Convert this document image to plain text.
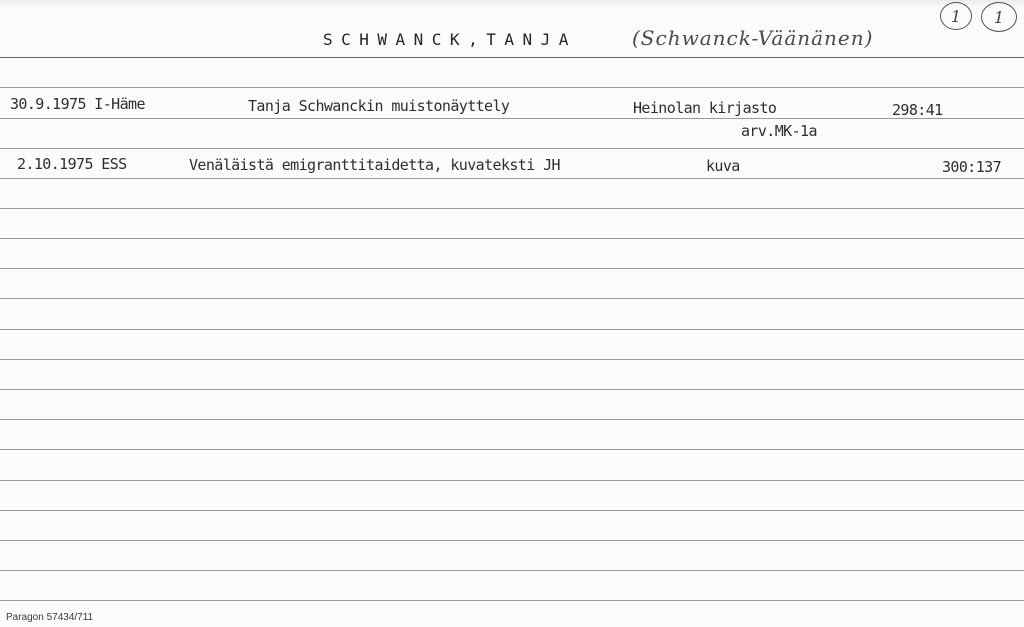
SCHWANCK,TANJA	(Schwanck-Väänänen)
1 1
30.9.1975 I-Häme	Tanja Schwanckin muistonäyttely	Heinolan kirjasto	298:41
arv.MK-1a
2.10.1975 ESS	Venäläistä emigranttitaidetta, kuvateksti JH	kuva	300:137
Paragon 57434/711
